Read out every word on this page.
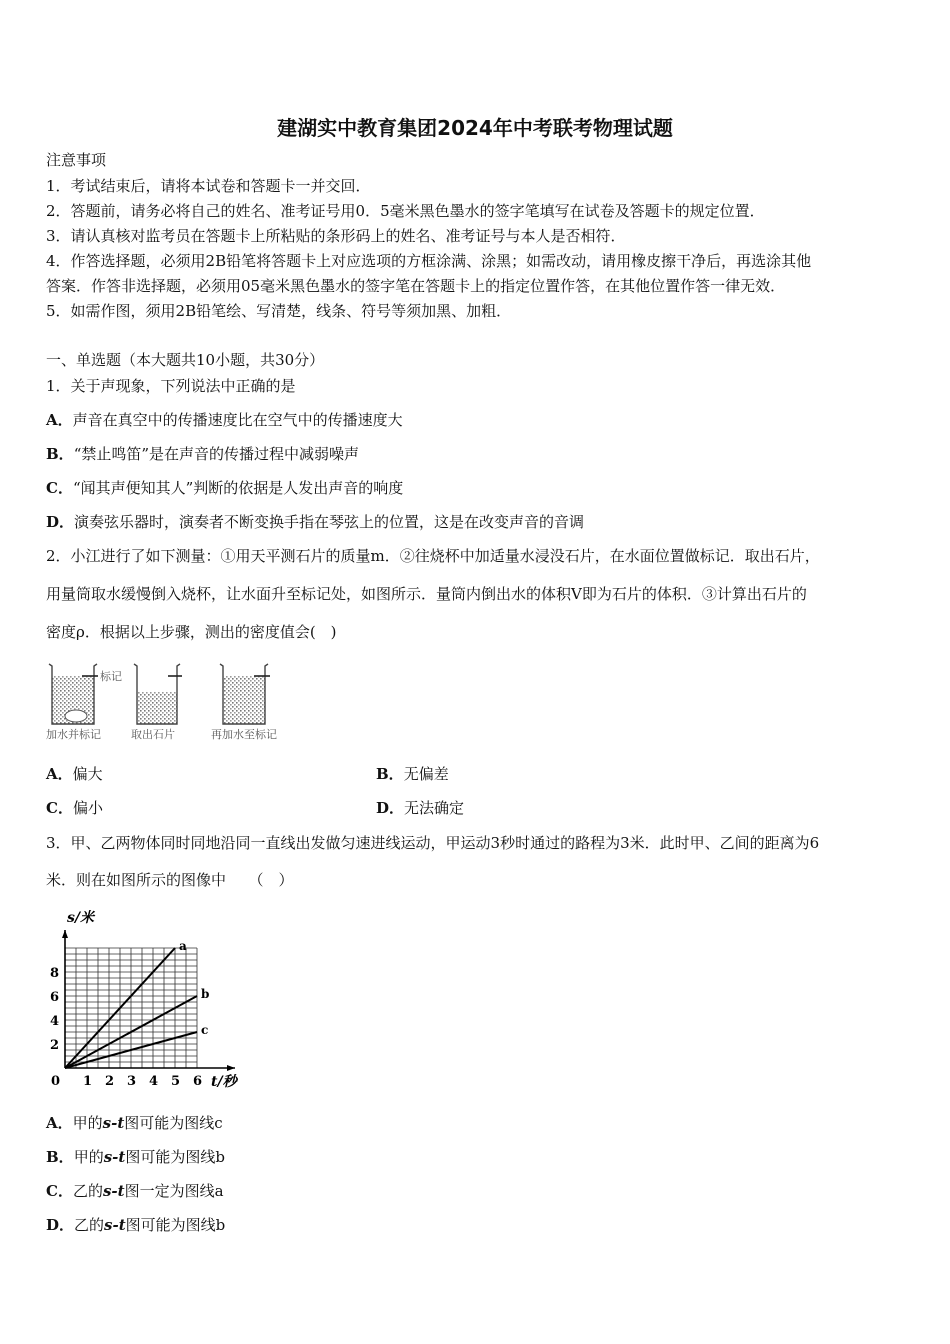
建湖实中教育集团2024年中考联考物理试题
注意事项
1．考试结束后，请将本试卷和答题卡一并交回．
2．答题前，请务必将自己的姓名、准考证号用0．5毫米黑色墨水的签字笔填写在试卷及答题卡的规定位置．
3．请认真核对监考员在答题卡上所粘贴的条形码上的姓名、准考证号与本人是否相符．
4．作答选择题，必须用2B铅笔将答题卡上对应选项的方框涂满、涂黑；如需改动，请用橡皮擦干净后，再选涂其他
答案．作答非选择题，必须用05毫米黑色墨水的签字笔在答题卡上的指定位置作答，在其他位置作答一律无效．
5．如需作图，须用2B铅笔绘、写清楚，线条、符号等须加黑、加粗．
一、单选题（本大题共10小题，共30分）
1．关于声现象，下列说法中正确的是
A．声音在真空中的传播速度比在空气中的传播速度大
B．“禁止鸣笛”是在声音的传播过程中减弱噪声
C．“闻其声便知其人”判断的依据是人发出声音的响度
D．演奏弦乐器时，演奏者不断变换手指在琴弦上的位置，这是在改变声音的音调
2．小江进行了如下测量：①用天平测石片的质量m．②往烧杯中加适量水浸没石片，在水面位置做标记．取出石片，
用量筒取水缓慢倒入烧杯，让水面升至标记处，如图所示．量筒内倒出水的体积V即为石片的体积．③计算出石片的
密度ρ．根据以上步骤，测出的密度值会(　)
标记
加水并标记	取出石片	再加水至标记
A．偏大	B．无偏差
C．偏小	D．无法确定
3．甲、乙两物体同时同地沿同一直线出发做匀速进线运动，甲运动3秒时通过的路程为3米．此时甲、乙间的距离为6
米．则在如图所示的图像中　　（　）
a
b
c
1 2 3 4 5 6
2
4
6
8
0
s/米
t/秒
A．甲的s-t图可能为图线c
B．甲的s-t图可能为图线b
C．乙的s-t图一定为图线a
D．乙的s-t图可能为图线b
